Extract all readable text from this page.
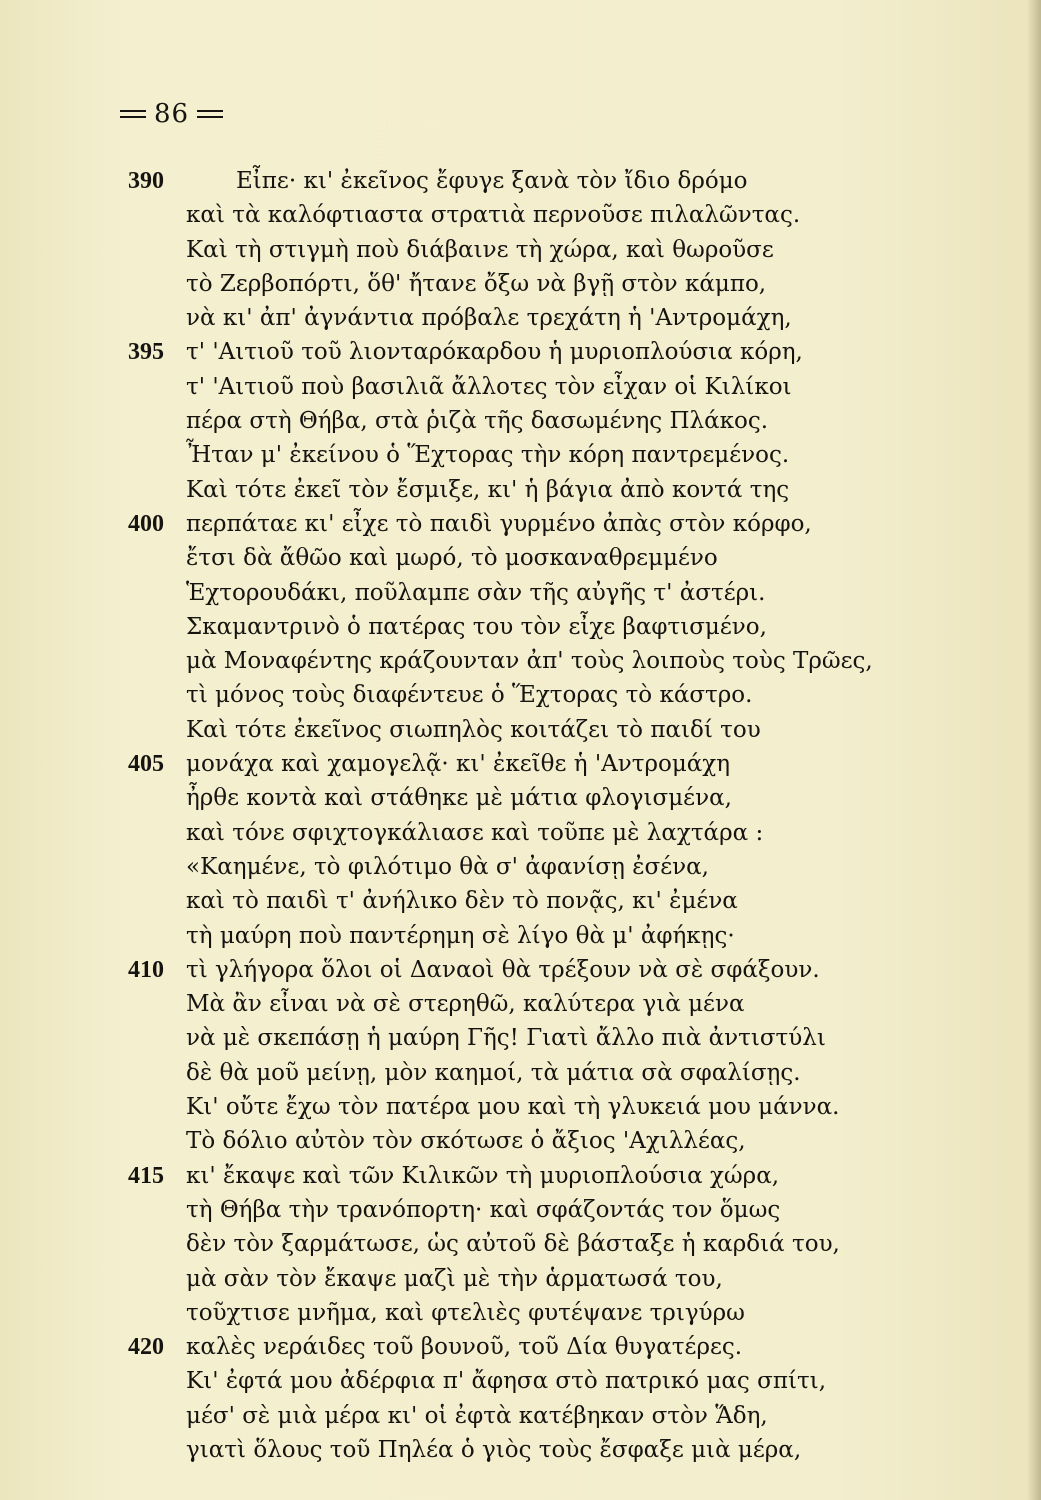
86
390	Εἶπε· κι' ἐκεῖνος ἔφυγε ξανὰ τὸν ἴδιο δρόμο
καὶ τὰ καλόφτιαστα στρατιὰ περνοῦσε πιλαλῶντας.
Καὶ τὴ στιγμὴ ποὺ διάβαινε τὴ χώρα, καὶ θωροῦσε
τὸ Ζερβοπόρτι, ὅθ' ἤτανε ὄξω νὰ βγῇ στὸν κάμπο,
νὰ κι' ἀπ' ἀγνάντια πρόβαλε τρεχάτη ἡ 'Αντρομάχη,
395 τ' 'Αιτιοῦ τοῦ λιονταρόκαρδου ἡ μυριοπλούσια κόρη,
τ' 'Αιτιοῦ ποὺ βασιλιᾶ ἄλλοτες τὸν εἶχαν οἱ Κιλίκοι
πέρα στὴ Θήβα, στὰ ῥιζὰ τῆς δασωμένης Πλάκος.
Ἦταν μ' ἐκείνου ὁ Ἕχτορας τὴν κόρη παντρεμένος.
Καὶ τότε ἐκεῖ τὸν ἔσμιξε, κι' ἡ βάγια ἀπὸ κοντά της
400 περπάταε κι' εἶχε τὸ παιδὶ γυρμένο ἀπὰς στὸν κόρφο,
ἔτσι δὰ ἄθῶο καὶ μωρό, τὸ μοσκαναθρεμμένο
Ἑχτορουδάκι, ποῦλαμπε σὰν τῆς αὐγῆς τ' ἀστέρι.
Σκαμαντρινὸ ὁ πατέρας του τὸν εἶχε βαφτισμένο,
μὰ Μοναφέντης κράζουνταν ἀπ' τοὺς λοιποὺς τοὺς Τρῶες,
τὶ μόνος τοὺς διαφέντευε ὁ Ἕχτορας τὸ κάστρο.
Καὶ τότε ἐκεῖνος σιωπηλὸς κοιτάζει τὸ παιδί του
405 μονάχα καὶ χαμογελᾷ· κι' ἐκεῖθε ἡ 'Αντρομάχη
ἦρθε κοντὰ καὶ στάθηκε μὲ μάτια φλογισμένα,
καὶ τόνε σφιχτογκάλιασε καὶ τοῦπε μὲ λαχτάρα :
«Καημένε, τὸ φιλότιμο θὰ σ' ἀφανίσῃ ἐσένα,
καὶ τὸ παιδὶ τ' ἀνήλικο δὲν τὸ πονᾷς, κι' ἐμένα
τὴ μαύρη ποὺ παντέρημη σὲ λίγο θὰ μ' ἀφήκῃς·
410 τὶ γλήγορα ὅλοι οἱ Δαναοὶ θὰ τρέξουν νὰ σὲ σφάξουν.
Μὰ ἂν εἶναι νὰ σὲ στερηθῶ, καλύτερα γιὰ μένα
νὰ μὲ σκεπάσῃ ἡ μαύρη Γῆς! Γιατὶ ἄλλο πιὰ ἀντιστύλι
δὲ θὰ μοῦ μείνῃ, μὸν καημοί, τὰ μάτια σὰ σφαλίσῃς.
Κι' οὔτε ἔχω τὸν πατέρα μου καὶ τὴ γλυκειά μου μάννα.
Τὸ δόλιο αὐτὸν τὸν σκότωσε ὁ ἄξιος 'Αχιλλέας,
415 κι' ἔκαψε καὶ τῶν Κιλικῶν τὴ μυριοπλούσια χώρα,
τὴ Θήβα τὴν τρανόπορτη· καὶ σφάζοντάς τον ὅμως
δὲν τὸν ξαρμάτωσε, ὡς αὐτοῦ δὲ βάσταξε ἡ καρδιά του,
μὰ σὰν τὸν ἔκαψε μαζὶ μὲ τὴν ἁρματωσά του,
τοῦχτισε μνῆμα, καὶ φτελιὲς φυτέψανε τριγύρω
420 καλὲς νεράιδες τοῦ βουνοῦ, τοῦ Δία θυγατέρες.
Κι' ἐφτά μου ἀδέρφια π' ἄφησα στὸ πατρικό μας σπίτι,
μέσ' σὲ μιὰ μέρα κι' οἱ ἐφτὰ κατέβηκαν στὸν Ἅδη,
γιατὶ ὅλους τοῦ Πηλέα ὁ γιὸς τοὺς ἔσφαξε μιὰ μέρα,
